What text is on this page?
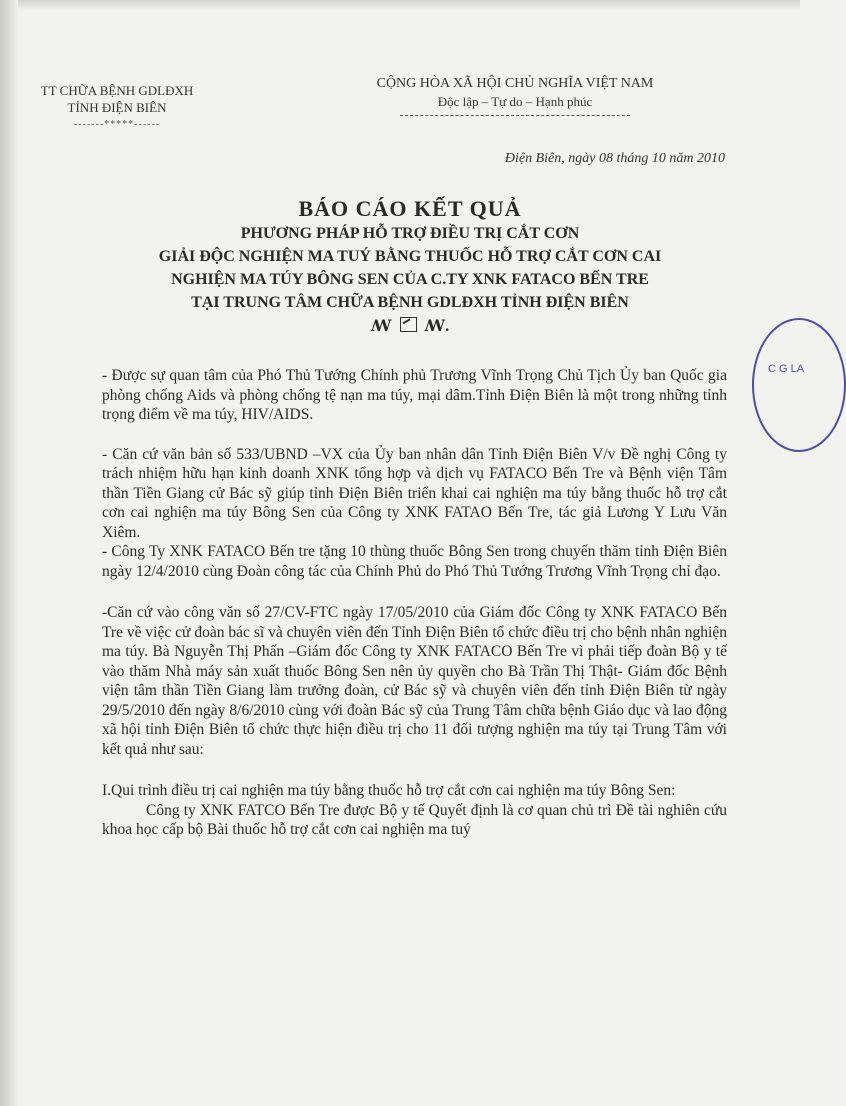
TT CHỮA BỆNH GDLĐXH
TỈNH ĐIỆN BIÊN
-------*****------
CỘNG HÒA XÃ HỘI CHỦ NGHĨA VIỆT NAM
Độc lập – Tự do – Hạnh phúc
Điện Biên, ngày 08 tháng 10 năm 2010
BÁO CÁO KẾT QUẢ
PHƯƠNG PHÁP HỖ TRỢ ĐIỀU TRỊ CẮT CƠN
GIẢI ĐỘC NGHIỆN MA TUÝ BẰNG THUỐC HỖ TRỢ CẮT CƠN CAI
NGHIỆN MA TÚY BÔNG SEN CỦA C.TY XNK FATACO BẾN TRE
TẠI TRUNG TÂM CHỮA BỆNH GDLĐXH TỈNH ĐIỆN BIÊN
ꟿ ꟿ.

- Được sự quan tâm của Phó Thủ Tướng Chính phủ Trương Vĩnh Trọng Chủ Tịch Ủy ban Quốc gia phòng chống Aids và phòng chống tệ nạn ma túy, mại dâm.Tỉnh Điện Biên là một trong những tỉnh trọng điểm về ma túy, HIV/AIDS.

- Căn cứ văn bản số 533/UBND –VX của Ủy ban nhân dân Tỉnh Điện Biên V/v Đề nghị Công ty trách nhiệm hữu hạn kinh doanh XNK tổng hợp và dịch vụ FATACO Bến Tre và Bệnh viện Tâm thần Tiền Giang cử Bác sỹ giúp tỉnh Điện Biên triển khai cai nghiện ma túy bằng thuốc hỗ trợ cắt cơn cai nghiện ma túy Bông Sen của Công ty XNK FATAO Bến Tre, tác giả Lương Y Lưu Văn Xiêm.

- Công Ty XNK FATACO Bến tre tặng 10 thùng thuốc Bông Sen trong chuyến thăm tỉnh Điện Biên ngày 12/4/2010 cùng Đoàn công tác của Chính Phủ do Phó Thủ Tướng Trương Vĩnh Trọng chỉ đạo.

-Căn cứ vào công văn số 27/CV-FTC ngày 17/05/2010 của Giám đốc Công ty XNK FATACO Bến Tre về việc cử đoàn bác sĩ và chuyên viên đến Tỉnh Điện Biên tổ chức điều trị cho bệnh nhân nghiện ma túy. Bà Nguyễn Thị Phấn –Giám đốc Công ty XNK FATACO Bến Tre vì phải tiếp đoàn Bộ y tế vào thăm Nhà máy sản xuất thuốc Bông Sen nên ủy quyền cho Bà Trần Thị Thật- Giám đốc Bệnh viện tâm thần Tiền Giang làm trưởng đoàn, cử Bác sỹ và chuyên viên đến tỉnh Điện Biên từ ngày 29/5/2010 đến ngày 8/6/2010 cùng với đoàn Bác sỹ của Trung Tâm chữa bệnh Giáo dục và lao động xã hội tỉnh Điện Biên tổ chức thực hiện điều trị cho 11 đối tượng nghiện ma túy tại Trung Tâm với kết quả như sau:

I.Qui trình điều trị cai nghiện ma túy bằng thuốc hỗ trợ cắt cơn cai nghiện ma túy Bông Sen:

Công ty XNK FATCO Bến Tre được Bộ y tế Quyết định là cơ quan chủ trì Đề tài nghiên cứu khoa học cấp bộ Bài thuốc hỗ trợ cắt cơn cai nghiện ma tuý

C G LA
